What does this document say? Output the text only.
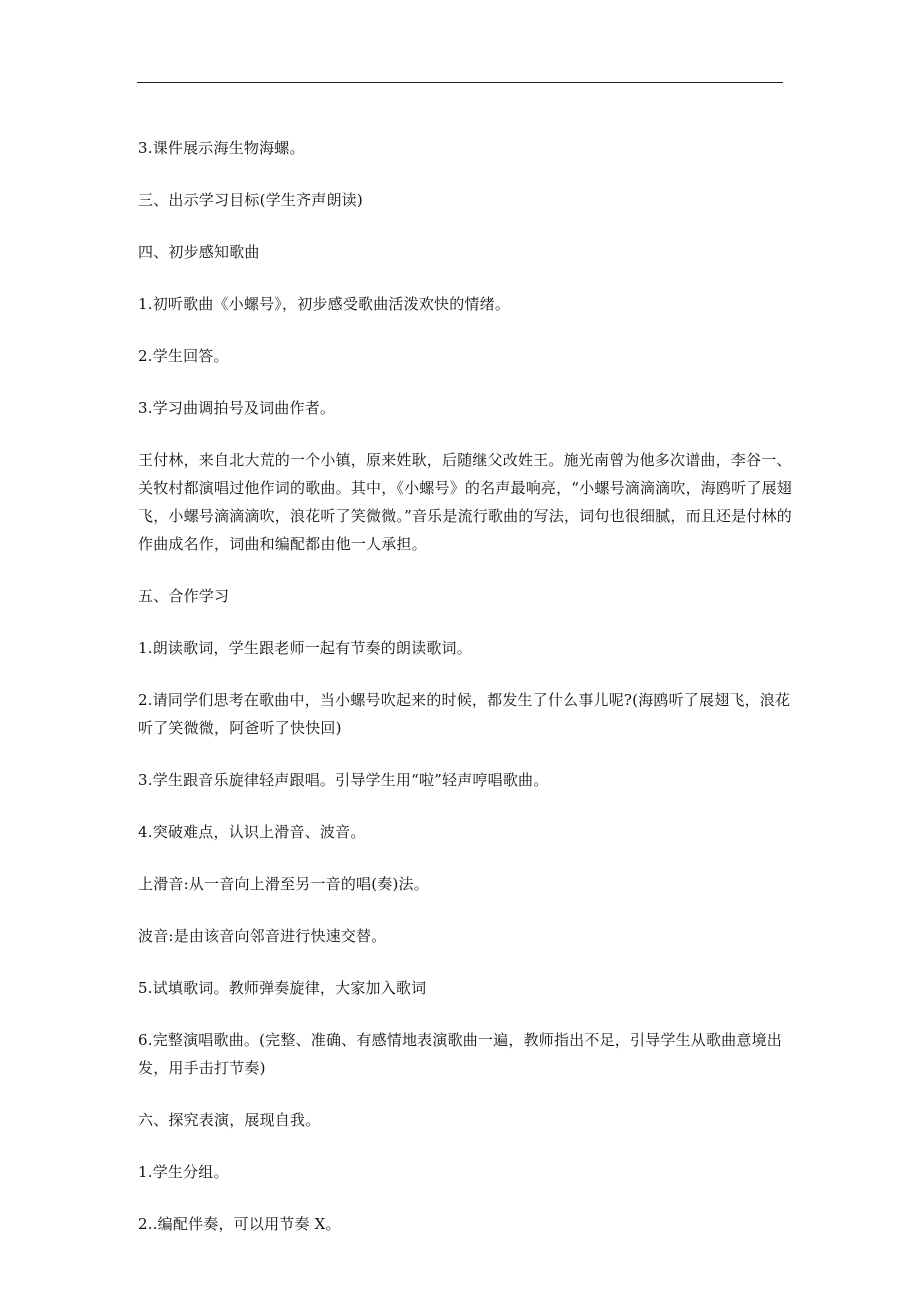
3.课件展示海生物海螺。

三、出示学习目标(学生齐声朗读)

四、初步感知歌曲

1.初听歌曲《小螺号》，初步感受歌曲活泼欢快的情绪。

2.学生回答。

3.学习曲调拍号及词曲作者。

王付林，来自北大荒的一个小镇，原来姓耿，后随继父改姓王。施光南曾为他多次谱曲，李谷一、关牧村都演唱过他作词的歌曲。其中，《小螺号》的名声最响亮，“小螺号滴滴滴吹，海鸥听了展翅飞，小螺号滴滴滴吹，浪花听了笑微微。”音乐是流行歌曲的写法，词句也很细腻，而且还是付林的作曲成名作，词曲和编配都由他一人承担。

五、合作学习

1.朗读歌词，学生跟老师一起有节奏的朗读歌词。

2.请同学们思考在歌曲中，当小螺号吹起来的时候，都发生了什么事儿呢?(海鸥听了展翅飞，浪花听了笑微微，阿爸听了快快回)

3.学生跟音乐旋律轻声跟唱。引导学生用“啦”轻声哼唱歌曲。

4.突破难点，认识上滑音、波音。

上滑音:从一音向上滑至另一音的唱(奏)法。

波音:是由该音向邻音进行快速交替。

5.试填歌词。教师弹奏旋律，大家加入歌词

6.完整演唱歌曲。(完整、准确、有感情地表演歌曲一遍，教师指出不足，引导学生从歌曲意境出发，用手击打节奏)

六、探究表演，展现自我。

1.学生分组。

2..编配伴奏，可以用节奏 X。
